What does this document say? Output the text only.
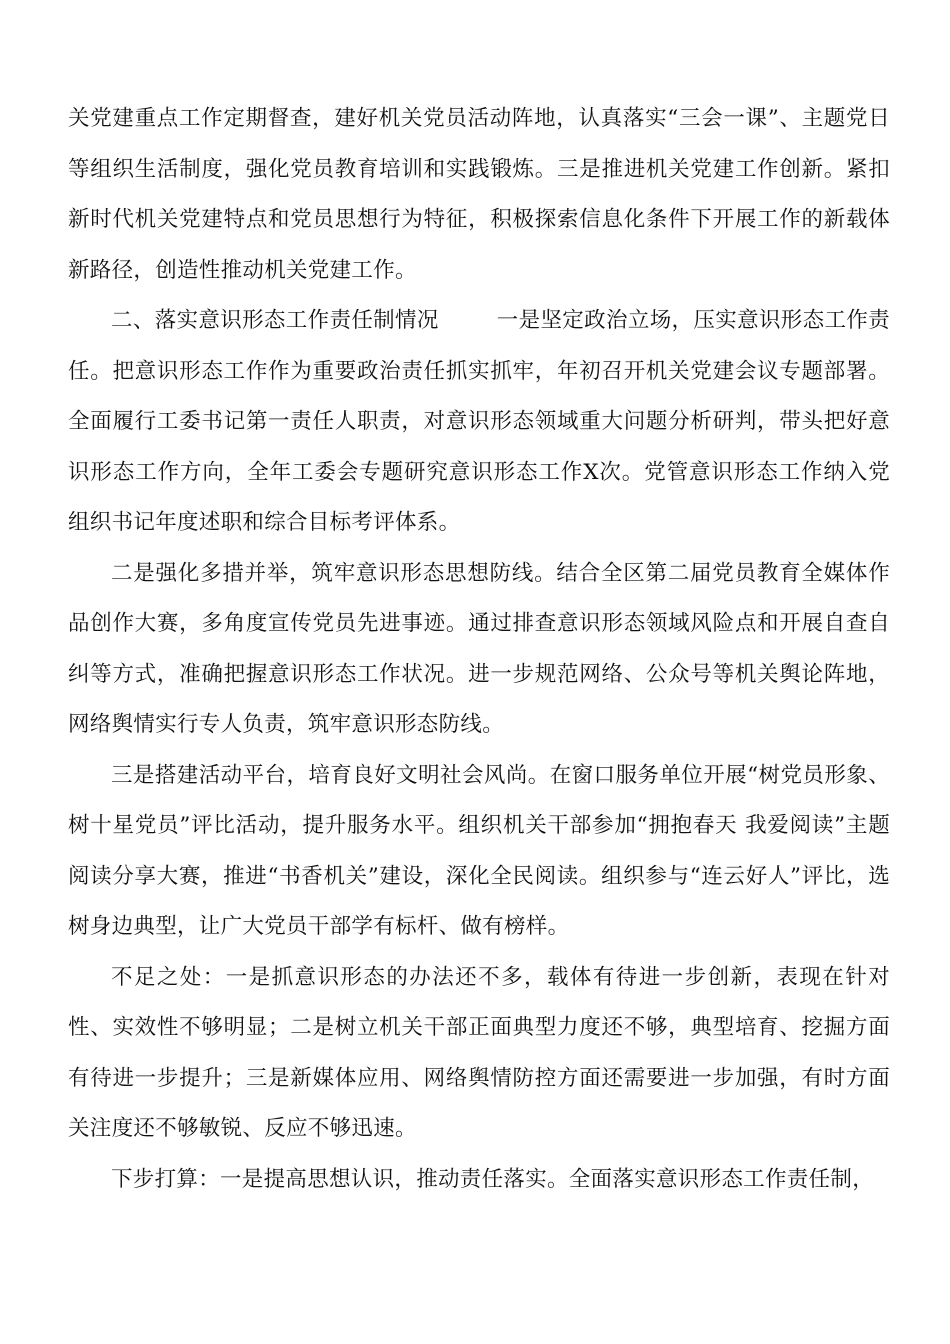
关党建重点工作定期督查，建好机关党员活动阵地，认真落实“三会一课”、主题党日等组织生活制度，强化党员教育培训和实践锻炼。三是推进机关党建工作创新。紧扣新时代机关党建特点和党员思想行为特征，积极探索信息化条件下开展工作的新载体新路径，创造性推动机关党建工作。

二、落实意识形态工作责任制情况	一是坚定政治立场，压实意识形态工作责任。把意识形态工作作为重要政治责任抓实抓牢，年初召开机关党建会议专题部署。全面履行工委书记第一责任人职责，对意识形态领域重大问题分析研判，带头把好意识形态工作方向，全年工委会专题研究意识形态工作X次。党管意识形态工作纳入党组织书记年度述职和综合目标考评体系。

二是强化多措并举，筑牢意识形态思想防线。结合全区第二届党员教育全媒体作品创作大赛，多角度宣传党员先进事迹。通过排查意识形态领域风险点和开展自查自纠等方式，准确把握意识形态工作状况。进一步规范网络、公众号等机关舆论阵地，网络舆情实行专人负责，筑牢意识形态防线。

三是搭建活动平台，培育良好文明社会风尚。在窗口服务单位开展“树党员形象、树十星党员”评比活动，提升服务水平。组织机关干部参加“拥抱春天 我爱阅读”主题阅读分享大赛，推进“书香机关”建设，深化全民阅读。组织参与“连云好人”评比，选树身边典型，让广大党员干部学有标杆、做有榜样。

不足之处：一是抓意识形态的办法还不多，载体有待进一步创新，表现在针对性、实效性不够明显；二是树立机关干部正面典型力度还不够，典型培育、挖掘方面有待进一步提升；三是新媒体应用、网络舆情防控方面还需要进一步加强，有时方面关注度还不够敏锐、反应不够迅速。

下步打算：一是提高思想认识，推动责任落实。全面落实意识形态工作责任制，
